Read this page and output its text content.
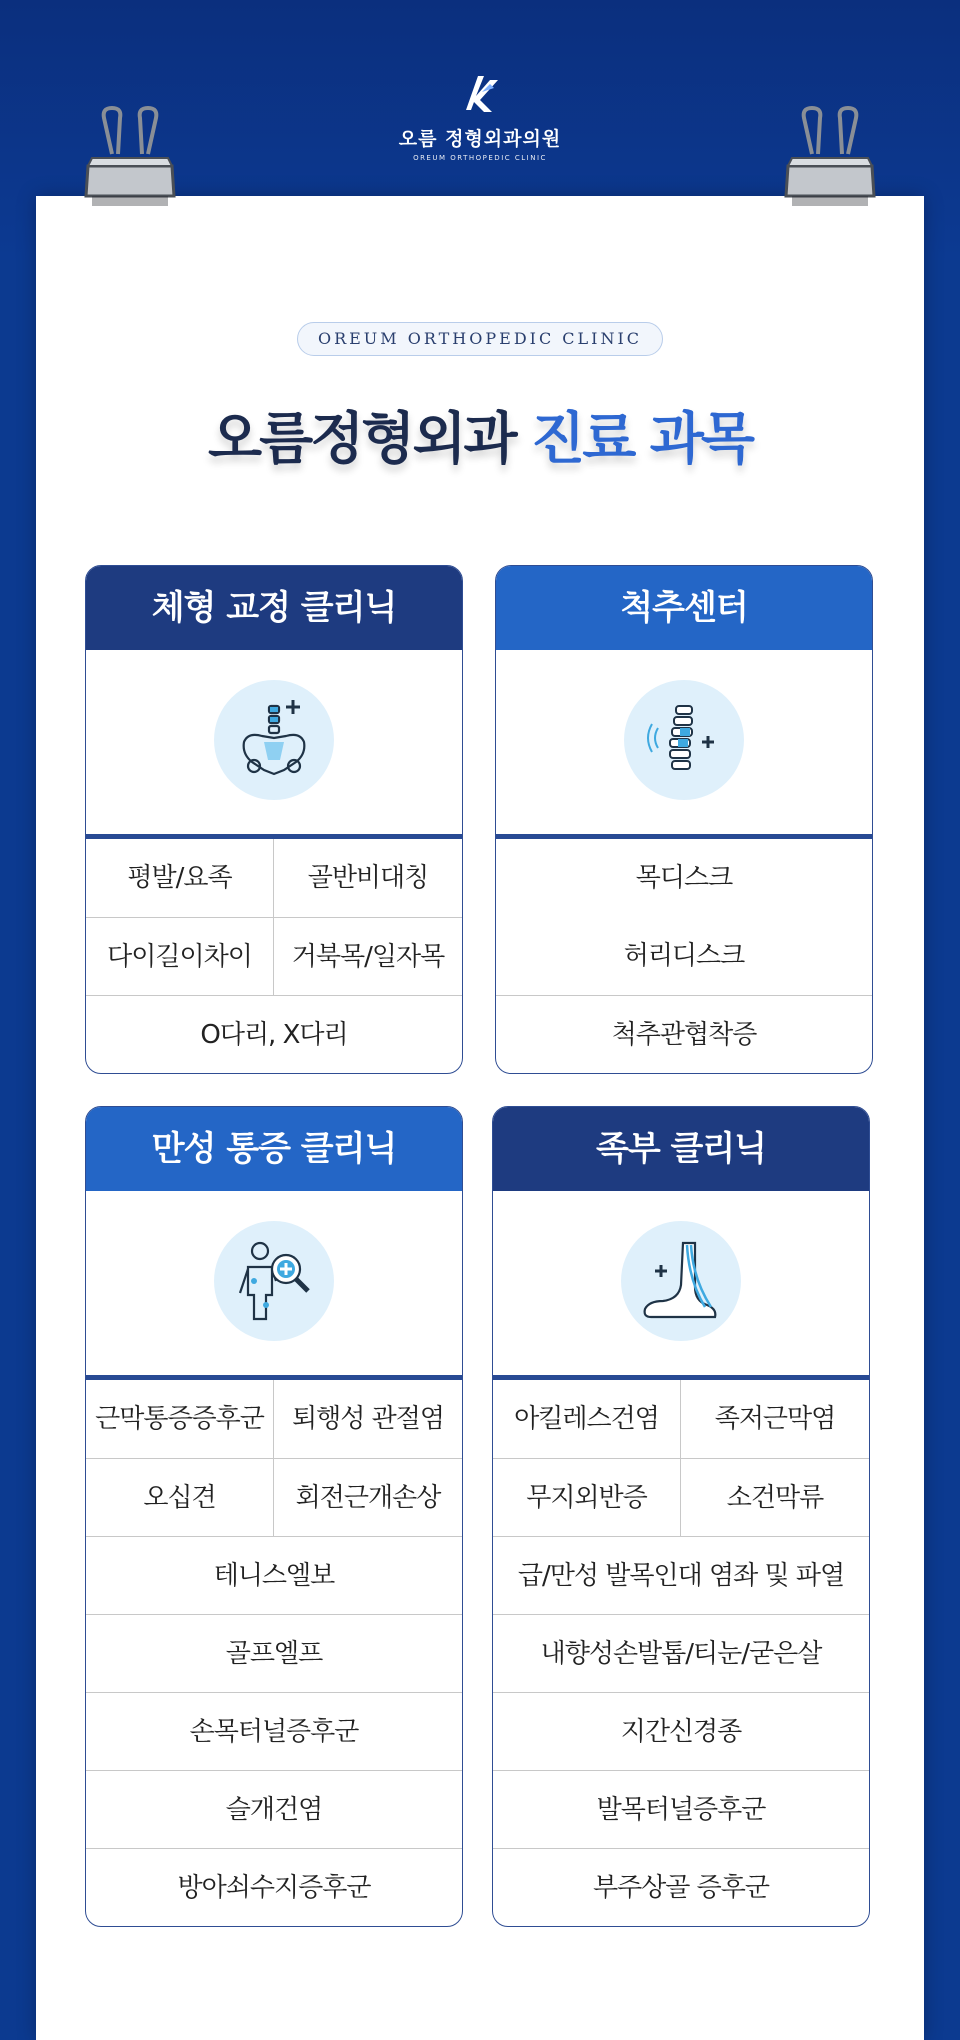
오름 정형외과의원
OREUM ORTHOPEDIC CLINIC
OREUM ORTHOPEDIC CLINIC
오름정형외과 진료 과목
체형 교정 클리닉
평발/요족	골반비대칭
다이길이차이	거북목/일자목
O다리, X다리
척추센터
목디스크
허리디스크
척추관협착증
만성 통증 클리닉
근막통증증후군	퇴행성 관절염
오십견	회전근개손상
테니스엘보
골프엘프
손목터널증후군
슬개건염
방아쇠수지증후군
족부 클리닉
아킬레스건염	족저근막염
무지외반증	소건막류
급/만성 발목인대 염좌 및 파열
내향성손발톱/티눈/굳은살
지간신경종
발목터널증후군
부주상골 증후군
